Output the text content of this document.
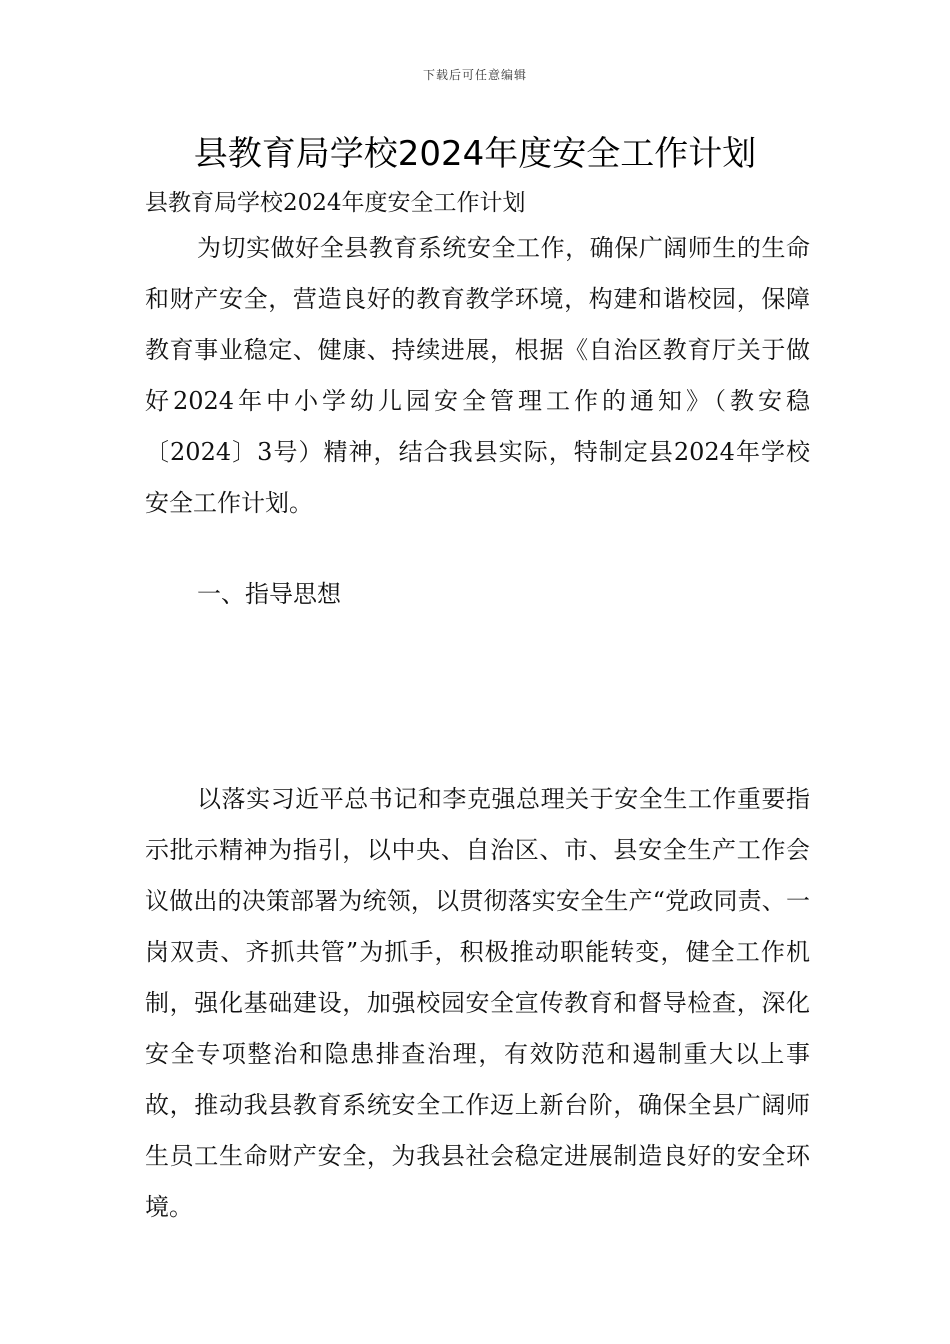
下载后可任意编辑
县教育局学校2024年度安全工作计划

县教育局学校2024年度安全工作计划

为切实做好全县教育系统安全工作，确保广阔师生的生命和财产安全，营造良好的教育教学环境，构建和谐校园，保障教育事业稳定、健康、持续进展，根据《自治区教育厅关于做好2024年中小学幼儿园安全管理工作的通知》（教安稳〔2024〕3号）精神，结合我县实际，特制定县2024年学校安全工作计划。

一、指导思想

以落实习近平总书记和李克强总理关于安全生工作重要指示批示精神为指引，以中央、自治区、市、县安全生产工作会议做出的决策部署为统领，以贯彻落实安全生产“党政同责、一岗双责、齐抓共管”为抓手，积极推动职能转变，健全工作机制，强化基础建设，加强校园安全宣传教育和督导检查，深化安全专项整治和隐患排查治理，有效防范和遏制重大以上事故，推动我县教育系统安全工作迈上新台阶，确保全县广阔师生员工生命财产安全，为我县社会稳定进展制造良好的安全环境。
